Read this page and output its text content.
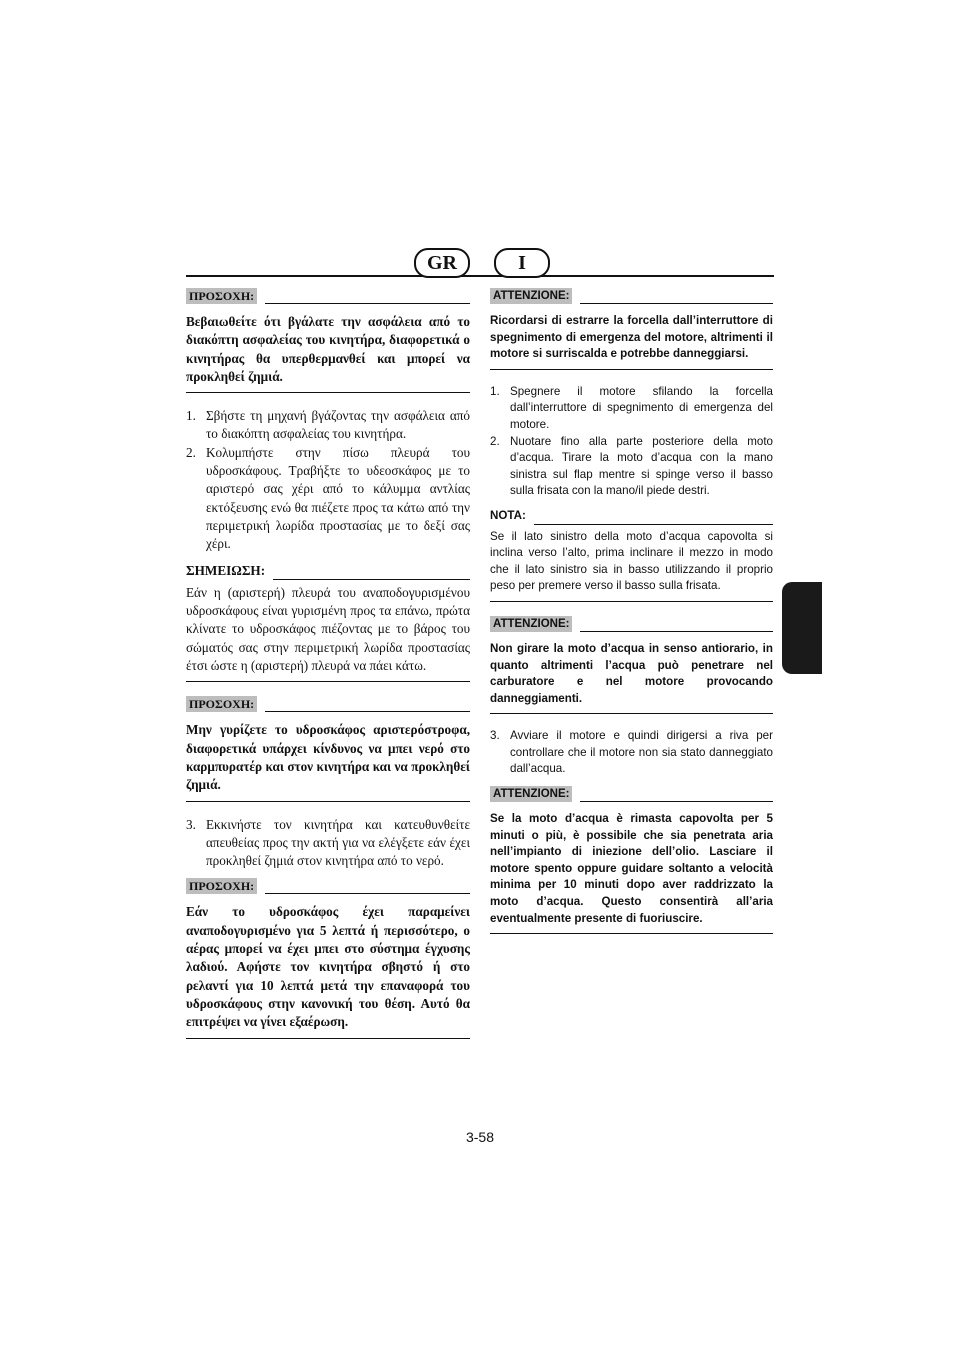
GR	I
ΠΡΟΣΟΧΗ:

Βεβαιωθείτε ότι βγάλατε την ασφάλεια από το διακόπτη ασφαλείας του κινητήρα, διαφορετικά ο κινητήρας θα υπερθερμανθεί και μπορεί να προκληθεί ζημιά.

1. Σβήστε τη μηχανή βγάζοντας την ασφάλεια από το διακόπτη ασφαλείας του κινητήρα.
2. Κολυμπήστε στην πίσω πλευρά του υδροσκάφους. Τραβήξτε το υδεοσκάφος με το αριστερό σας χέρι από το κάλυμμα αντλίας εκτόξευσης ενώ θα πιέζετε προς τα κάτω από την περιμετρική λωρίδα προστασίας με το δεξί σας χέρι.
ΣΗΜΕΙΩΣΗ:

Εάν η (αριστερή) πλευρά του αναποδογυρισμένου υδροσκάφους είναι γυρισμένη προς τα επάνω, πρώτα κλίνατε το υδροσκάφος πιέζοντας με το βάρος του σώματός σας στην περιμετρική λωρίδα προστασίας έτσι ώστε η (αριστερή) πλευρά να πάει κάτω.

ΠΡΟΣΟΧΗ:

Μην γυρίζετε το υδροσκάφος αριστερόστροφα, διαφορετικά υπάρχει κίνδυνος να μπει νερό στο καρμπυρατέρ και στον κινητήρα και να προκληθεί ζημιά.

3. Εκκινήστε τον κινητήρα και κατευθυνθείτε απευθείας προς την ακτή για να ελέγξετε εάν έχει προκληθεί ζημιά στον κινητήρα από το νερό.
ΠΡΟΣΟΧΗ:

Εάν το υδροσκάφος έχει παραμείνει αναποδογυρισμένο για 5 λεπτά ή περισσότερο, ο αέρας μπορεί να έχει μπει στο σύστημα έγχυσης λαδιού. Αφήστε τον κινητήρα σβηστό ή στο ρελαντί για 10 λεπτά μετά την επαναφορά του υδροσκάφους στην κανονική του θέση. Αυτό θα επιτρέψει να γίνει εξαέρωση.

ATTENZIONE:

Ricordarsi di estrarre la forcella dall’interruttore di spegnimento di emergenza del motore, altrimenti il motore si surriscalda e potrebbe danneggiarsi.

1. Spegnere il motore sfilando la forcella dall’interruttore di spegnimento di emergenza del motore.
2. Nuotare fino alla parte posteriore della moto d’acqua. Tirare la moto d’acqua con la mano sinistra sul flap mentre si spinge verso il basso sulla frisata con la mano/il piede destri.
NOTA:

Se il lato sinistro della moto d’acqua capovolta si inclina verso l’alto, prima inclinare il mezzo in modo che il lato sinistro sia in basso utilizzando il proprio peso per premere verso il basso sulla frisata.

ATTENZIONE:

Non girare la moto d’acqua in senso antiorario, in quanto altrimenti l’acqua può penetrare nel carburatore e nel motore provocando danneggiamenti.

3. Avviare il motore e quindi dirigersi a riva per controllare che il motore non sia stato danneggiato dall’acqua.
ATTENZIONE:

Se la moto d’acqua è rimasta capovolta per 5 minuti o più, è possibile che sia penetrata aria nell’impianto di iniezione dell’olio. Lasciare il motore spento oppure guidare soltanto a velocità minima per 10 minuti dopo aver raddrizzato la moto d’acqua. Questo consentirà all’aria eventualmente presente di fuoriuscire.

3-58
